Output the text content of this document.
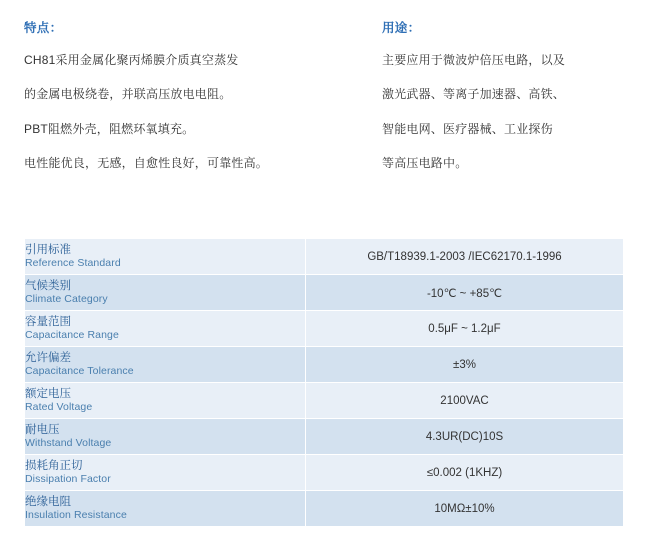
特点：

CH81采用金属化聚丙烯膜介质真空蒸发

的金属电极绕卷，并联高压放电电阻。

PBT阻燃外壳，阻燃环氧填充。

电性能优良，无感，自愈性良好，可靠性高。

用途：

主要应用于微波炉倍压电路，以及

激光武器、等离子加速器、高铁、

智能电网、医疗器械、工业探伤

等高压电路中。

引用标准
Reference Standard	GB/T18939.1-2003 /IEC62170.1-1996

气候类别
Climate Category	-10℃ ~ +85℃

容量范围
Capacitance Range	0.5μF ~ 1.2μF

允许偏差
Capacitance Tolerance	±3%

额定电压
Rated Voltage	2100VAC

耐电压
Withstand Voltage	4.3UR(DC)10S

损耗角正切
Dissipation Factor	≤0.002 (1KHZ)

绝缘电阻
Insulation Resistance	10MΩ±10%
